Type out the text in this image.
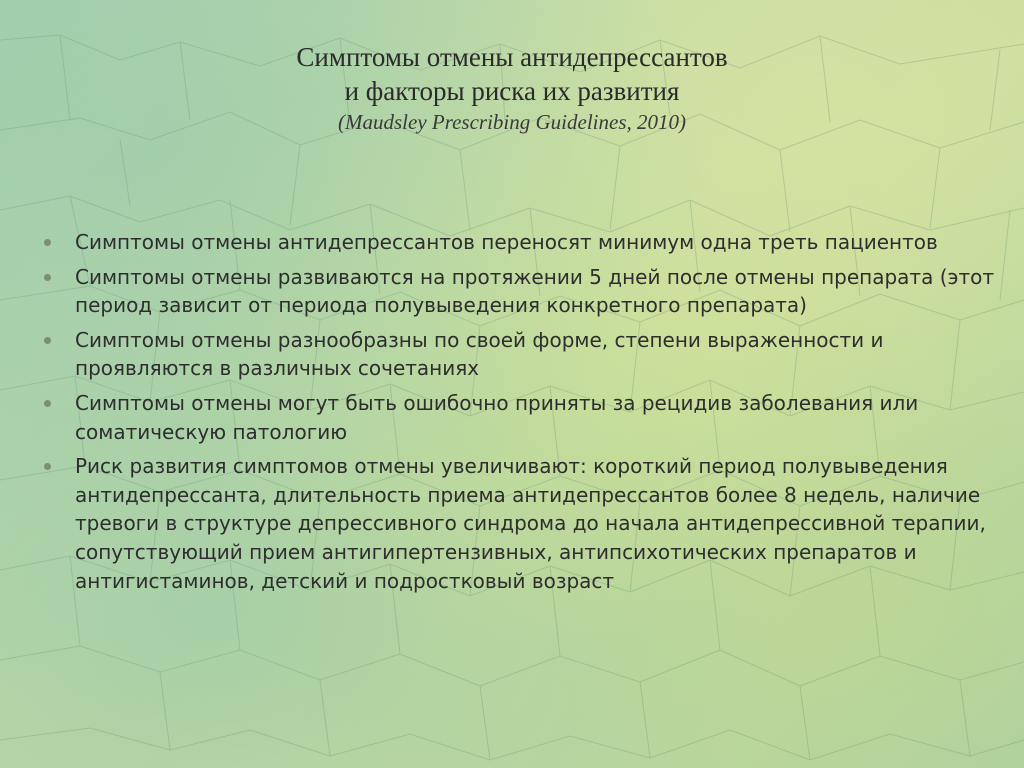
Симптомы отмены антидепрессантов
и факторы риска их развития
(Maudsley Prescribing Guidelines, 2010)
Симптомы отмены антидепрессантов переносят минимум одна треть пациентов
Симптомы отмены развиваются на протяжении 5 дней после отмены препарата (этот период зависит от периода полувыведения конкретного препарата)
Симптомы отмены разнообразны по своей форме, степени выраженности и проявляются в различных сочетаниях
Симптомы отмены могут быть ошибочно приняты за рецидив заболевания или соматическую патологию
Риск развития симптомов отмены увеличивают: короткий период полувыведения антидепрессанта, длительность приема антидепрессантов более 8 недель, наличие тревоги в структуре депрессивного синдрома до начала антидепрессивной терапии, сопутствующий прием антигипертензивных, антипсихотических препаратов и антигистаминов, детский и подростковый возраст
